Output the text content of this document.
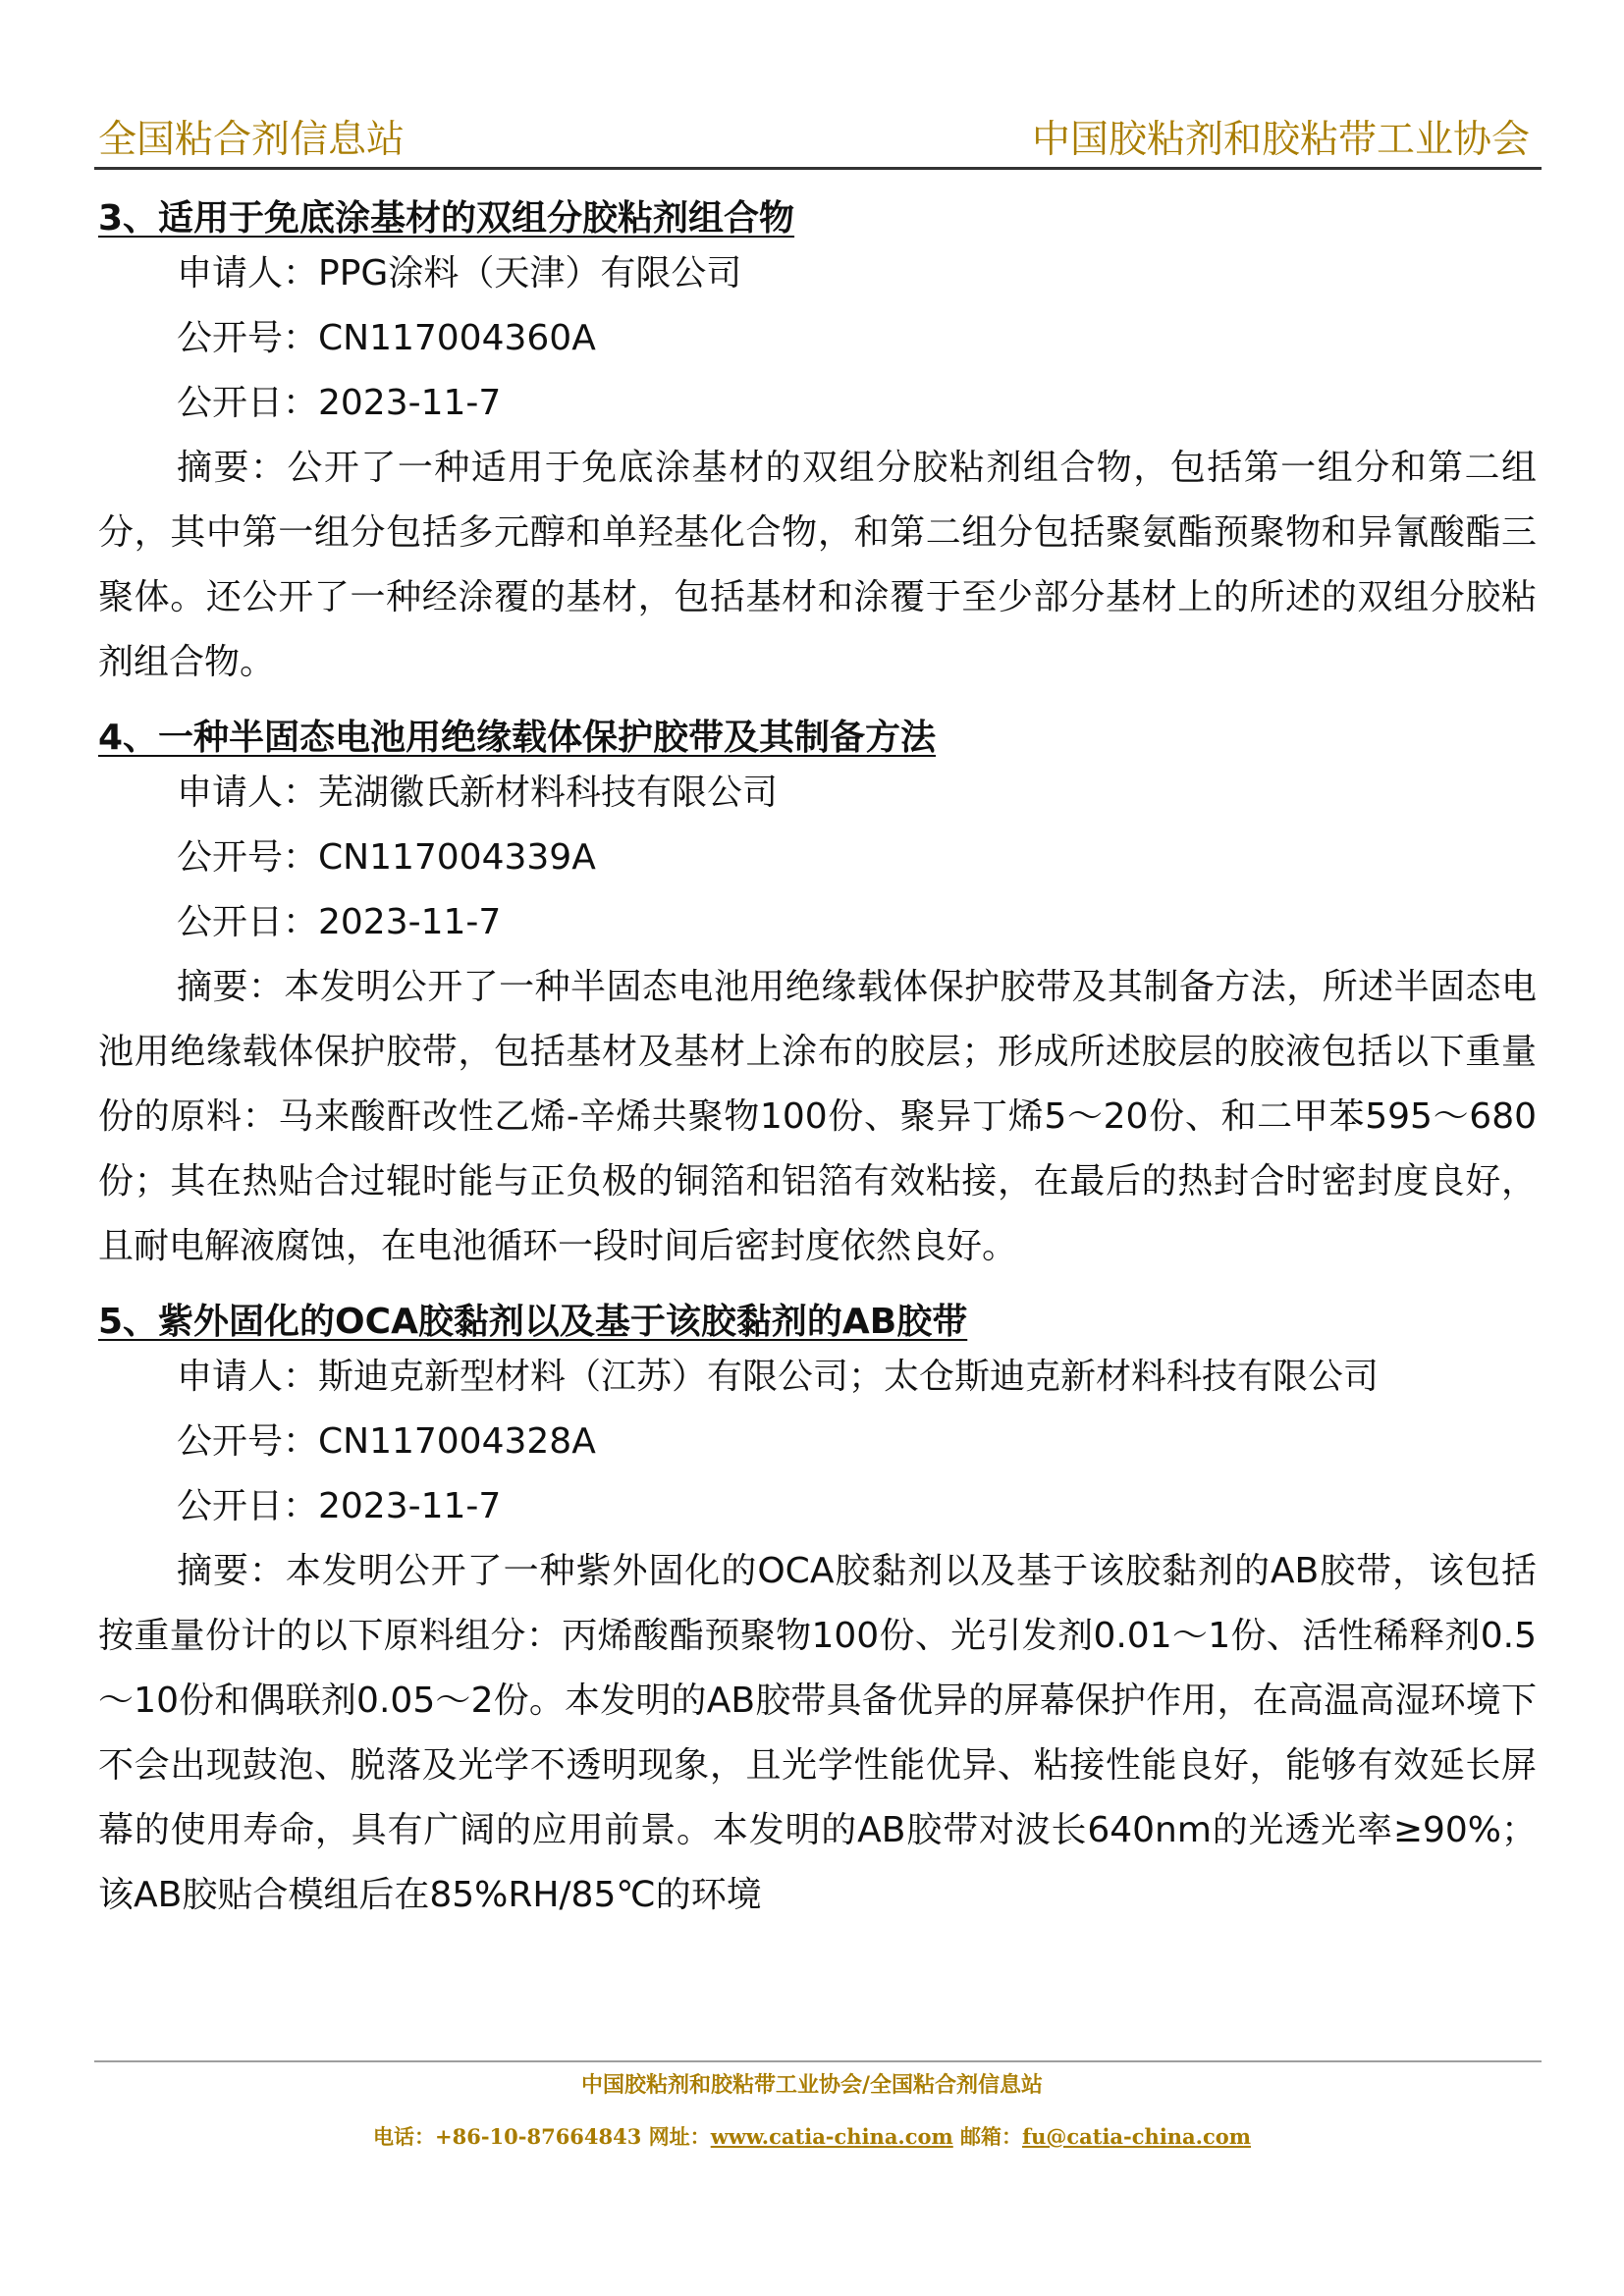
全国粘合剂信息站	中国胶粘剂和胶粘带工业协会
3、适用于免底涂基材的双组分胶粘剂组合物
申请人：PPG涂料（天津）有限公司
公开号：CN117004360A
公开日：2023-11-7

摘要：公开了一种适用于免底涂基材的双组分胶粘剂组合物，包括第一组分和第二组分，其中第一组分包括多元醇和单羟基化合物，和第二组分包括聚氨酯预聚物和异氰酸酯三聚体。还公开了一种经涂覆的基材，包括基材和涂覆于至少部分基材上的所述的双组分胶粘剂组合物。

4、一种半固态电池用绝缘载体保护胶带及其制备方法
申请人：芜湖徽氏新材料科技有限公司
公开号：CN117004339A
公开日：2023-11-7

摘要：本发明公开了一种半固态电池用绝缘载体保护胶带及其制备方法，所述半固态电池用绝缘载体保护胶带，包括基材及基材上涂布的胶层；形成所述胶层的胶液包括以下重量份的原料：马来酸酐改性乙烯-辛烯共聚物100份、聚异丁烯5～20份、和二甲苯595～680份；其在热贴合过辊时能与正负极的铜箔和铝箔有效粘接，在最后的热封合时密封度良好，且耐电解液腐蚀，在电池循环一段时间后密封度依然良好。

5、紫外固化的OCA胶黏剂以及基于该胶黏剂的AB胶带
申请人：斯迪克新型材料（江苏）有限公司；太仓斯迪克新材料科技有限公司
公开号：CN117004328A
公开日：2023-11-7

摘要：本发明公开了一种紫外固化的OCA胶黏剂以及基于该胶黏剂的AB胶带，该包括按重量份计的以下原料组分：丙烯酸酯预聚物100份、光引发剂0.01～1份、活性稀释剂0.5～10份和偶联剂0.05～2份。本发明的AB胶带具备优异的屏幕保护作用，在高温高湿环境下不会出现鼓泡、脱落及光学不透明现象，且光学性能优异、粘接性能良好，能够有效延长屏幕的使用寿命，具有广阔的应用前景。本发明的AB胶带对波长640nm的光透光率≥90%；该AB胶贴合模组后在85%RH/85℃的环境

中国胶粘剂和胶粘带工业协会/全国粘合剂信息站
电话：+86-10-87664843 网址：www.catia-china.com 邮箱：fu@catia-china.com
